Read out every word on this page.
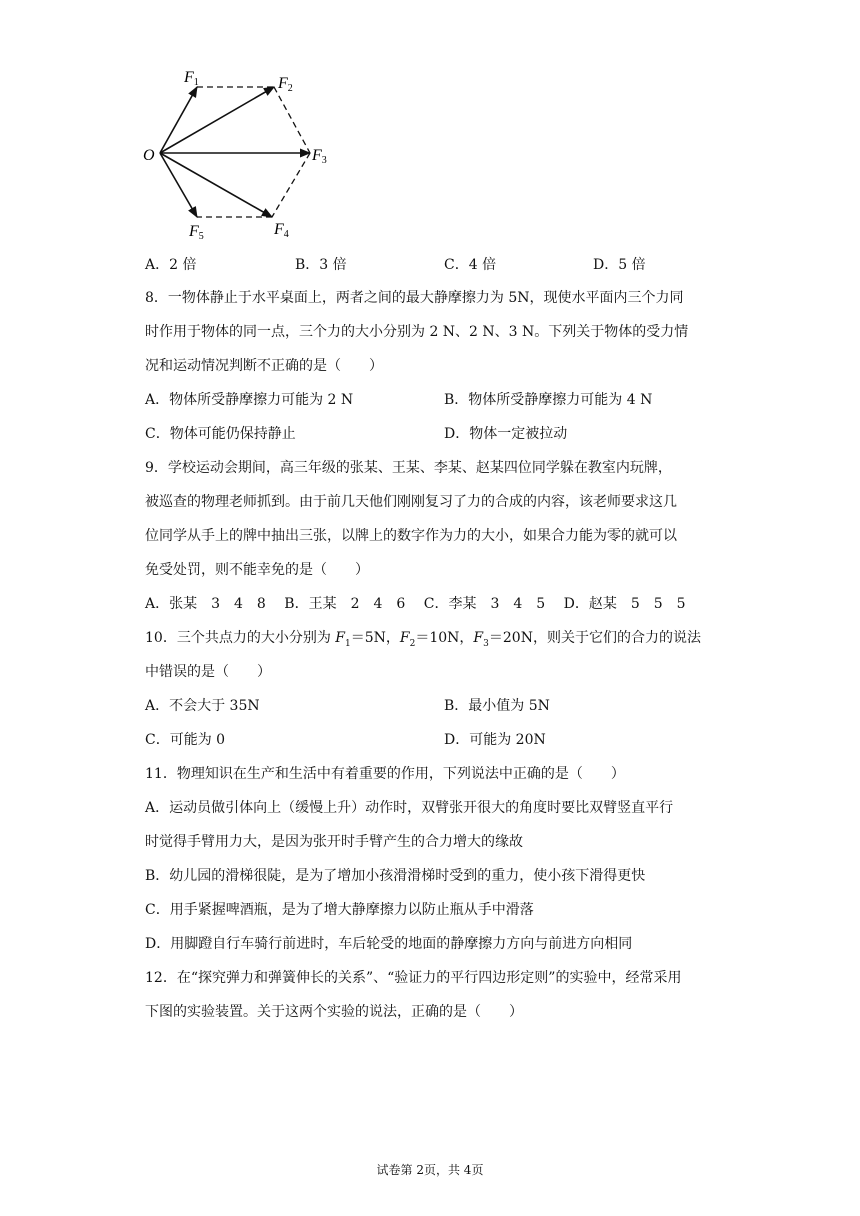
O
F1	F2
F3
F4
F5
A．2 倍	B．3 倍	C．4 倍	D．5 倍
8．一物体静止于水平桌面上，两者之间的最大静摩擦力为 5N，现使水平面内三个力同
时作用于物体的同一点，三个力的大小分别为 2 N、2 N、3 N。下列关于物体的受力情
况和运动情况判断不正确的是（　　）
A．物体所受静摩擦力可能为 2 N	B．物体所受静摩擦力可能为 4 N
C．物体可能仍保持静止	D．物体一定被拉动
9．学校运动会期间，高三年级的张某、王某、李某、赵某四位同学躲在教室内玩牌，
被巡查的物理老师抓到。由于前几天他们刚刚复习了力的合成的内容，该老师要求这几
位同学从手上的牌中抽出三张，以牌上的数字作为力的大小，如果合力能为零的就可以
免受处罚，则不能幸免的是（　　）
A．张某　3　4　8　 B．王某　2　4　6　 C．李某　3　4　5　 D．赵某　5　5　5
10．三个共点力的大小分别为 $F_1=5N$，$F_2=10N$，$F_3=20N$，则关于它们的合力的说法
中错误的是（　　）
A．不会大于 35N	B．最小值为 5N
C．可能为 0	D．可能为 20N
11．物理知识在生产和生活中有着重要的作用，下列说法中正确的是（　　）
A．运动员做引体向上（缓慢上升）动作时，双臂张开很大的角度时要比双臂竖直平行
时觉得手臂用力大，是因为张开时手臂产生的合力增大的缘故
B．幼儿园的滑梯很陡，是为了增加小孩滑滑梯时受到的重力，使小孩下滑得更快
C．用手紧握啤酒瓶，是为了增大静摩擦力以防止瓶从手中滑落
D．用脚蹬自行车骑行前进时，车后轮受的地面的静摩擦力方向与前进方向相同
12．在“探究弹力和弹簧伸长的关系”、“验证力的平行四边形定则”的实验中，经常采用
下图的实验装置。关于这两个实验的说法，正确的是（　　）
试卷第 2页，共 4页
